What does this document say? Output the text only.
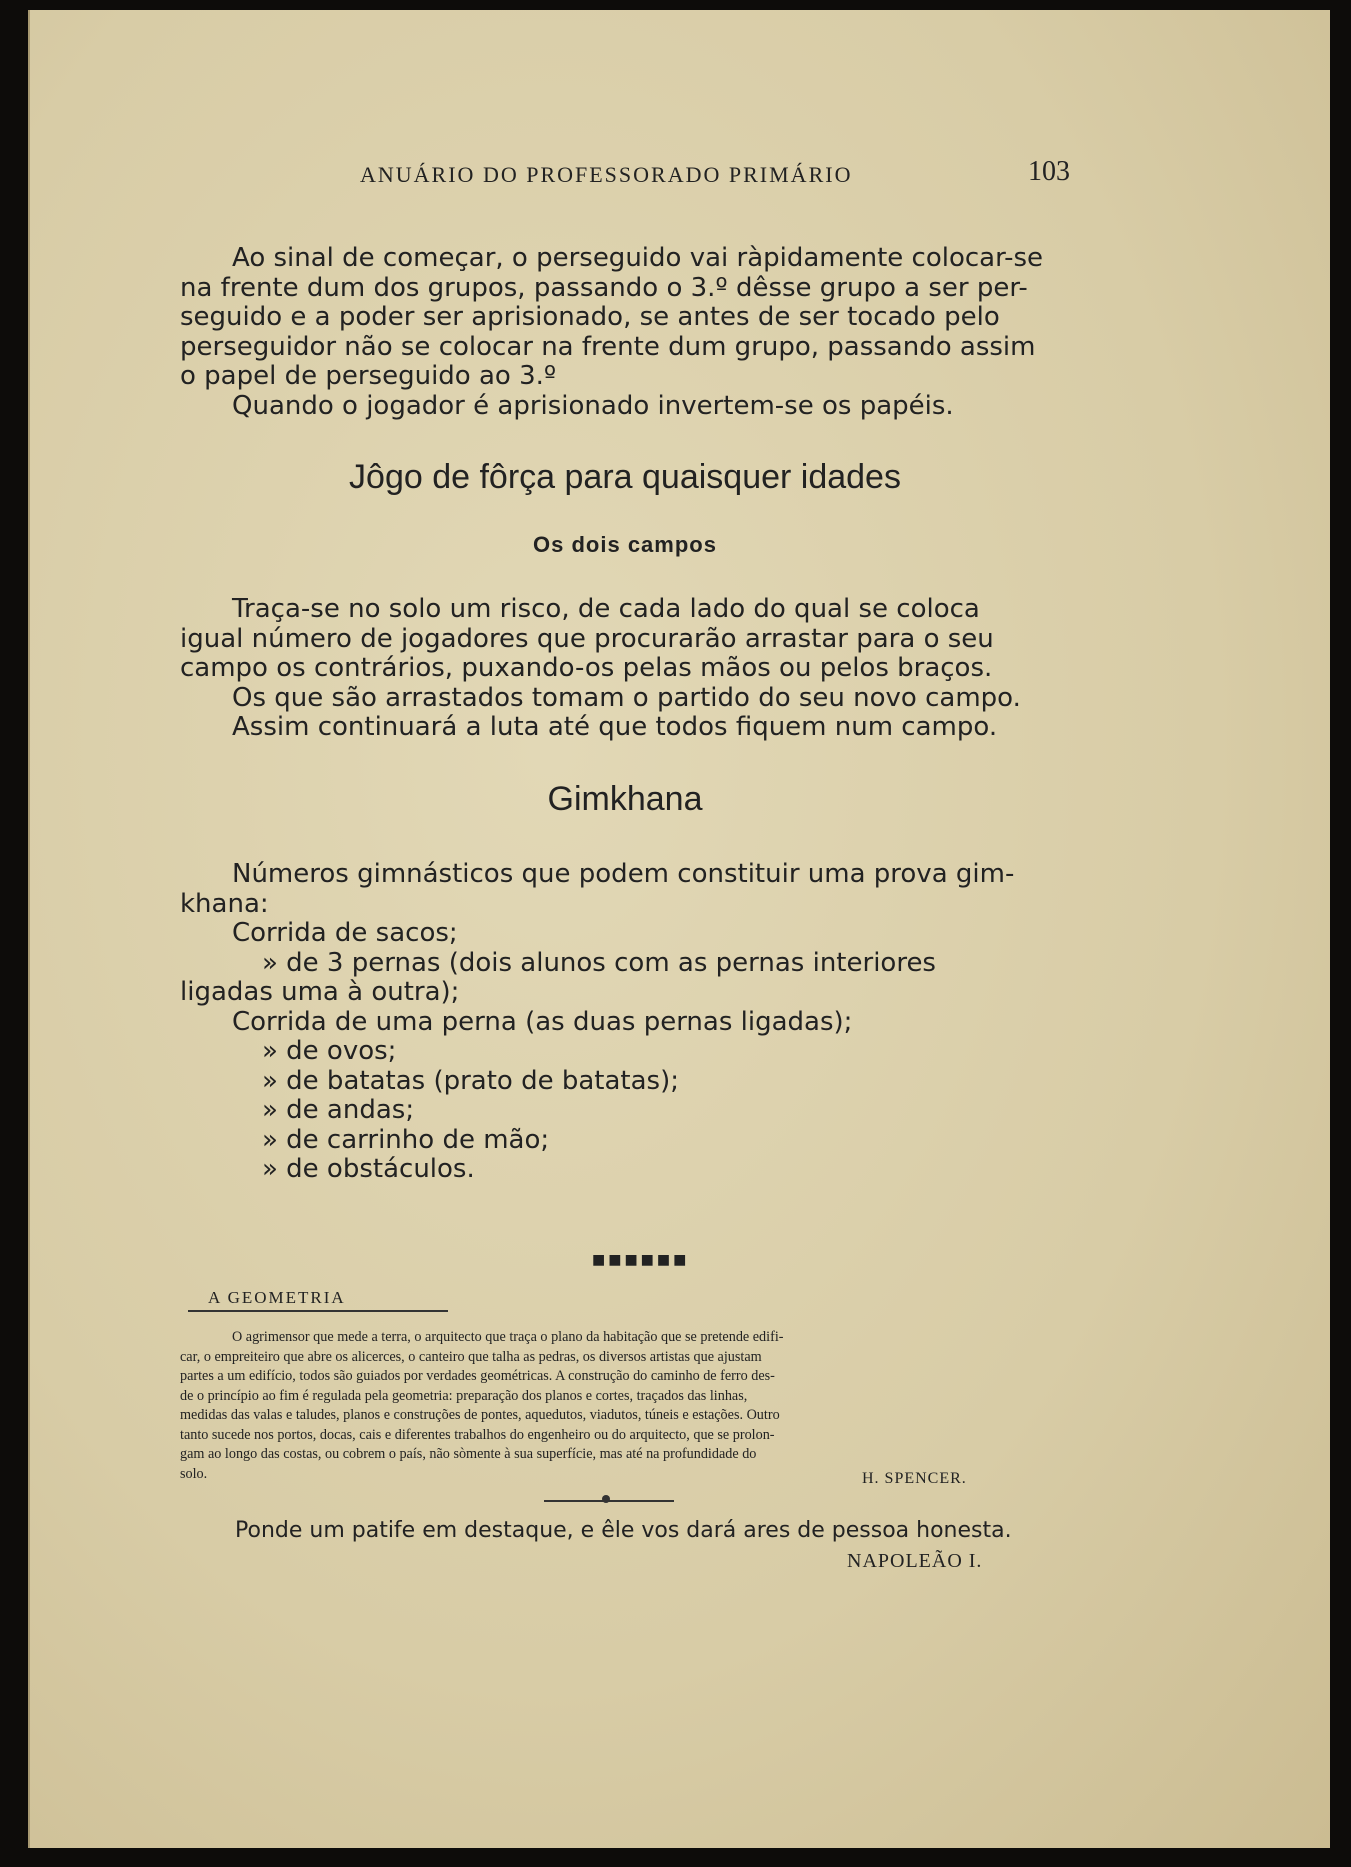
ANUÁRIO DO PROFESSORADO PRIMÁRIO	103
Ao sinal de começar, o perseguido vai ràpidamente colocar-se
na frente dum dos grupos, passando o 3.º dêsse grupo a ser per-
seguido e a poder ser aprisionado, se antes de ser tocado pelo
perseguidor não se colocar na frente dum grupo, passando assim
o papel de perseguido ao 3.º
Quando o jogador é aprisionado invertem-se os papéis.
Jôgo de fôrça para quaisquer idades
Os dois campos
Traça-se no solo um risco, de cada lado do qual se coloca
igual número de jogadores que procurarão arrastar para o seu
campo os contrários, puxando-os pelas mãos ou pelos braços.
Os que são arrastados tomam o partido do seu novo campo.
Assim continuará a luta até que todos fiquem num campo.
Gimkhana
Números gimnásticos que podem constituir uma prova gim-
khana:
Corrida de sacos;
» de 3 pernas (dois alunos com as pernas interiores
ligadas uma à outra);
Corrida de uma perna (as duas pernas ligadas);
» de ovos;
» de batatas (prato de batatas);
» de andas;
» de carrinho de mão;
» de obstáculos.
■■■■■■
A GEOMETRIA
O agrimensor que mede a terra, o arquitecto que traça o plano da habitação que se pretende edifi-
car, o empreiteiro que abre os alicerces, o canteiro que talha as pedras, os diversos artistas que ajustam
partes a um edifício, todos são guiados por verdades geométricas. A construção do caminho de ferro des-
de o princípio ao fim é regulada pela geometria: preparação dos planos e cortes, traçados das linhas,
medidas das valas e taludes, planos e construções de pontes, aquedutos, viadutos, túneis e estações. Outro
tanto sucede nos portos, docas, cais e diferentes trabalhos do engenheiro ou do arquitecto, que se prolon-
gam ao longo das costas, ou cobrem o país, não sòmente à sua superfície, mas até na profundidade do
solo.	H. SPENCER.
Ponde um patife em destaque, e êle vos dará ares de pessoa honesta.
NAPOLEÃO I.
